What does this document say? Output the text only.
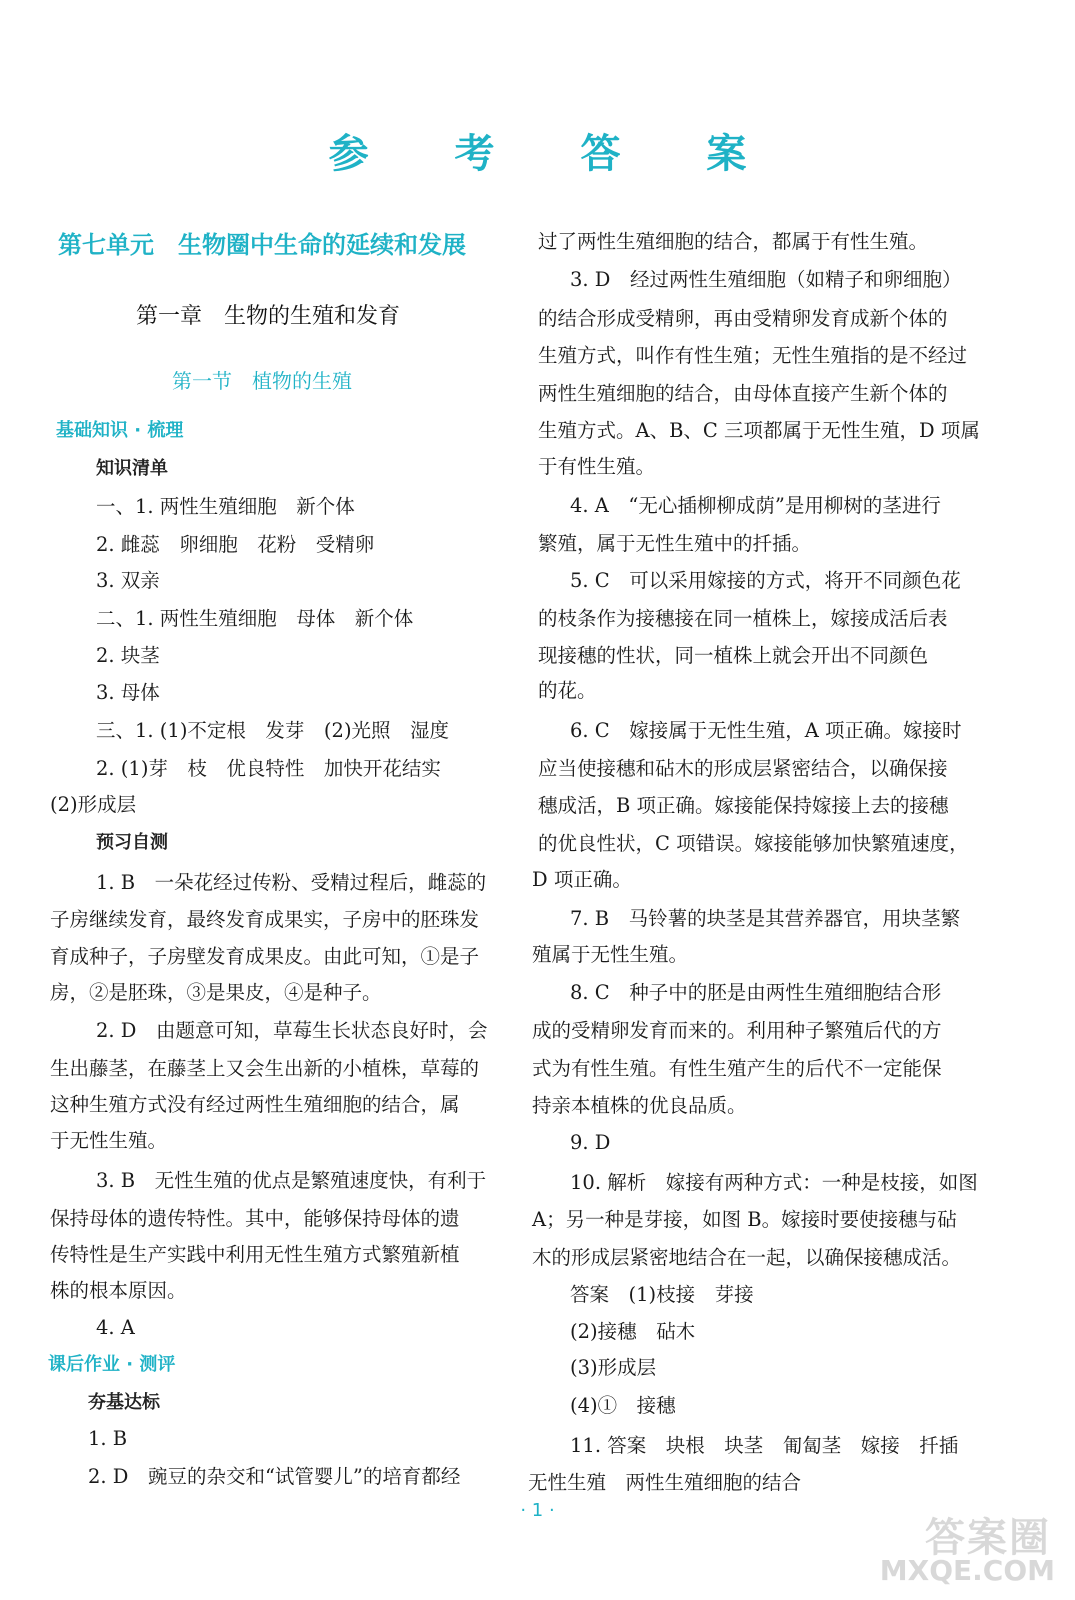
参 考 答 案
第七单元　生物圈中生命的延续和发展
第一章　生物的生殖和发育
第一节　植物的生殖
基础知识 · 梳理
知识清单
一、1. 两性生殖细胞　新个体
2. 雌蕊　卵细胞　花粉　受精卵
3. 双亲
二、1. 两性生殖细胞　母体　新个体
2. 块茎
3. 母体
三、1. (1)不定根　发芽　(2)光照　湿度
2. (1)芽　枝　优良特性　加快开花结实
(2)形成层
预习自测
1. B　一朵花经过传粉、受精过程后，雌蕊的
子房继续发育，最终发育成果实，子房中的胚珠发
育成种子，子房壁发育成果皮。由此可知，①是子
房，②是胚珠，③是果皮，④是种子。
2. D　由题意可知，草莓生长状态良好时，会
生出藤茎，在藤茎上又会生出新的小植株，草莓的
这种生殖方式没有经过两性生殖细胞的结合，属
于无性生殖。
3. B　无性生殖的优点是繁殖速度快，有利于
保持母体的遗传特性。其中，能够保持母体的遗
传特性是生产实践中利用无性生殖方式繁殖新植
株的根本原因。
4. A
课后作业 · 测评
夯基达标
1. B
2. D　豌豆的杂交和“试管婴儿”的培育都经
过了两性生殖细胞的结合，都属于有性生殖。
3. D　经过两性生殖细胞（如精子和卵细胞）
的结合形成受精卵，再由受精卵发育成新个体的
生殖方式，叫作有性生殖；无性生殖指的是不经过
两性生殖细胞的结合，由母体直接产生新个体的
生殖方式。A、B、C 三项都属于无性生殖，D 项属
于有性生殖。
4. A　“无心插柳柳成荫”是用柳树的茎进行
繁殖，属于无性生殖中的扦插。
5. C　可以采用嫁接的方式，将开不同颜色花
的枝条作为接穗接在同一植株上，嫁接成活后表
现接穗的性状，同一植株上就会开出不同颜色
的花。
6. C　嫁接属于无性生殖，A 项正确。嫁接时
应当使接穗和砧木的形成层紧密结合，以确保接
穗成活，B 项正确。嫁接能保持嫁接上去的接穗
的优良性状，C 项错误。嫁接能够加快繁殖速度，
D 项正确。
7. B　马铃薯的块茎是其营养器官，用块茎繁
殖属于无性生殖。
8. C　种子中的胚是由两性生殖细胞结合形
成的受精卵发育而来的。利用种子繁殖后代的方
式为有性生殖。有性生殖产生的后代不一定能保
持亲本植株的优良品质。
9. D
10. 解析　嫁接有两种方式：一种是枝接，如图
A；另一种是芽接，如图 B。嫁接时要使接穗与砧
木的形成层紧密地结合在一起，以确保接穗成活。
答案　(1)枝接　芽接
(2)接穗　砧木
(3)形成层
(4)①　接穗
11. 答案　块根　块茎　匍匐茎　嫁接　扦插
无性生殖　两性生殖细胞的结合
· 1 ·
答案圈
MXQE.COM
